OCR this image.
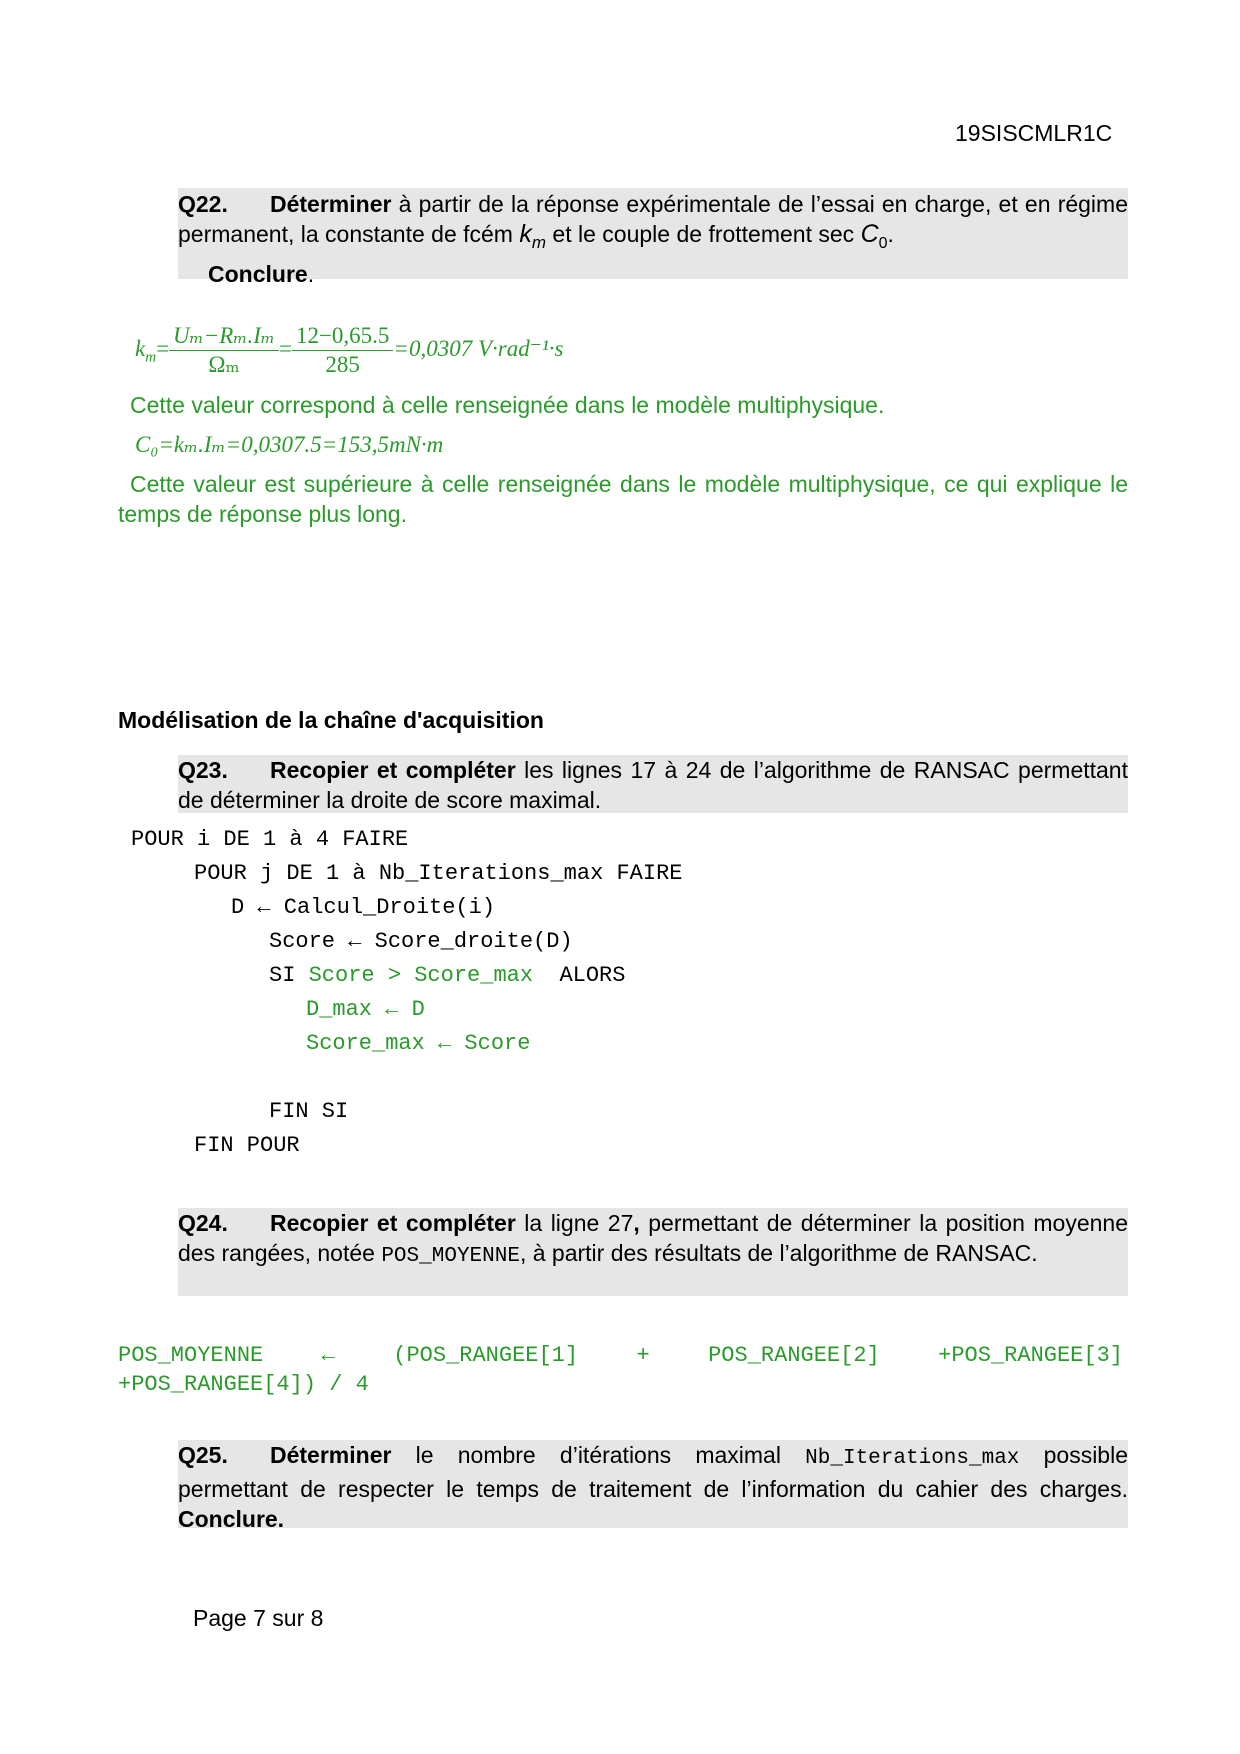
19SISCMLR1C
Q22. Déterminer à partir de la réponse expérimentale de l’essai en charge, et en régime permanent, la constante de fcém $k_m$ et le couple de frottement $\sec C_0$.
Conclure.
$k_m= \frac{\text{Uₘ−Rₘ.Iₘ}}{\text{Ωₘ}} = \frac{12-0,65.5}{285} =0,0307$ V·rad⁻¹·s
Cette valeur correspond à celle renseignée dans le modèle multiphysique.
C₀=kₘ.Iₘ=0,0307.5=153,5mN·m
Cette valeur est supérieure à celle renseignée dans le modèle multiphysique, ce qui explique le temps de réponse plus long.
Modélisation de la chaîne d'acquisition
Q23. Recopier et compléter les lignes 17 à 24 de l’algorithme de RANSAC permettant de déterminer la droite de score maximal.
POUR i DE 1 à 4 FAIRE
POUR j DE 1 à Nb_Iterations_max FAIRE
D ← Calcul_Droite(i)
Score ← Score_droite(D)
SI Score > Score_max  ALORS
D_max ← D
Score_max ← Score
FIN SI
FIN POUR
Q24. Recopier et compléter la ligne 27, permettant de déterminer la position moyenne des rangées, notée POS_MOYENNE, à partir des résultats de l’algorithme de RANSAC.
POS_MOYENNE	←	(POS_RANGEE[1]	+	POS_RANGEE[2]	+POS_RANGEE[3]
+POS_RANGEE[4]) / 4
Q25. Déterminer le nombre d’itérations maximal Nb_Iterations_max possible permettant de respecter le temps de traitement de l’information du cahier des charges. Conclure.
Page 7 sur 8
